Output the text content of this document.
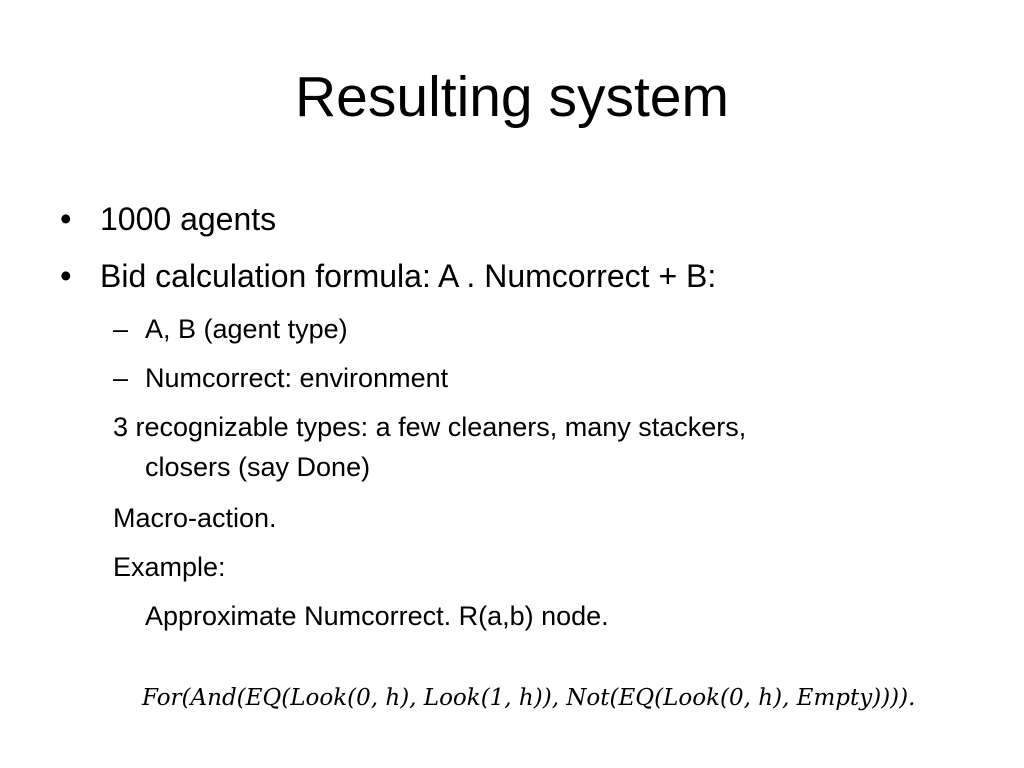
Resulting system
• 1000 agents
• Bid calculation formula: A . Numcorrect + B:
– A, B (agent type)
– Numcorrect: environment
3 recognizable types: a few cleaners, many stackers,
closers (say Done)
Macro-action.
Example:
Approximate Numcorrect. R(a,b) node.
For(And(EQ(Look(0, h), Look(1, h)), Not(EQ(Look(0, h), Empty)))).
